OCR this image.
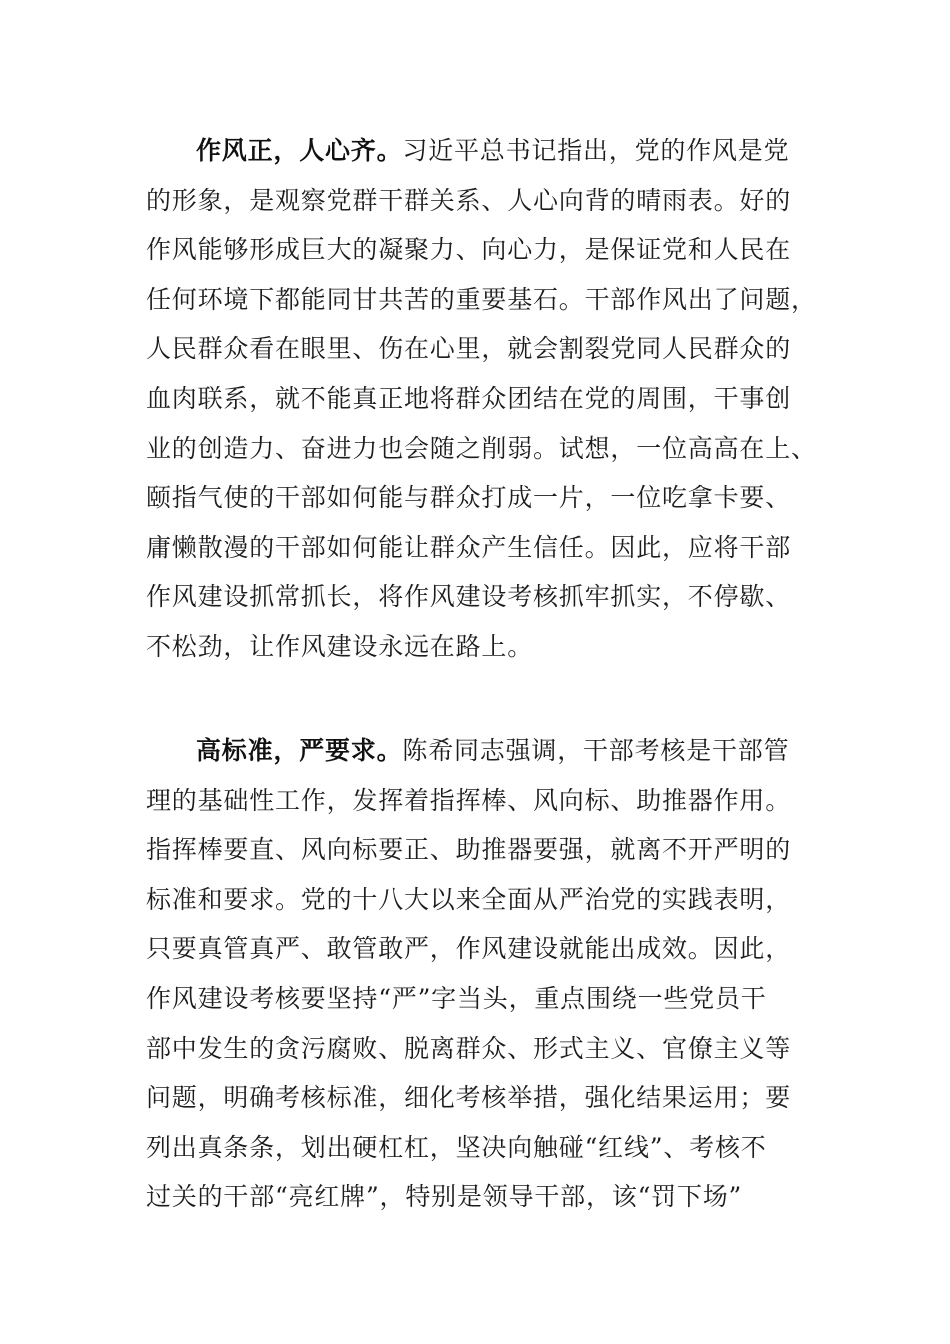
作风正，人心齐。习近平总书记指出，党的作风是党
的形象，是观察党群干群关系、人心向背的晴雨表。好的
作风能够形成巨大的凝聚力、向心力，是保证党和人民在
任何环境下都能同甘共苦的重要基石。干部作风出了问题，
人民群众看在眼里、伤在心里，就会割裂党同人民群众的
血肉联系，就不能真正地将群众团结在党的周围，干事创
业的创造力、奋进力也会随之削弱。试想，一位高高在上、
颐指气使的干部如何能与群众打成一片，一位吃拿卡要、
庸懒散漫的干部如何能让群众产生信任。因此，应将干部
作风建设抓常抓长，将作风建设考核抓牢抓实，不停歇、
不松劲，让作风建设永远在路上。
高标准，严要求。陈希同志强调，干部考核是干部管
理的基础性工作，发挥着指挥棒、风向标、助推器作用。
指挥棒要直、风向标要正、助推器要强，就离不开严明的
标准和要求。党的十八大以来全面从严治党的实践表明，
只要真管真严、敢管敢严，作风建设就能出成效。因此，
作风建设考核要坚持“严”字当头，重点围绕一些党员干
部中发生的贪污腐败、脱离群众、形式主义、官僚主义等
问题，明确考核标准，细化考核举措，强化结果运用；要
列出真条条，划出硬杠杠，坚决向触碰“红线”、考核不
过关的干部“亮红牌”，特别是领导干部，该“罚下场”
